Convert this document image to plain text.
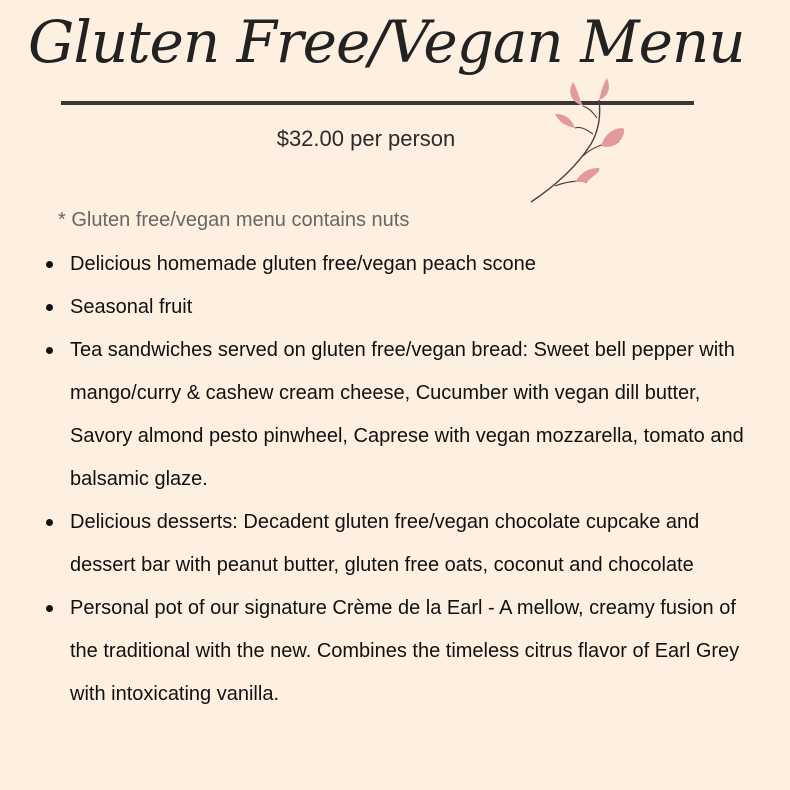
Gluten Free/Vegan Menu
$32.00 per person
* Gluten free/vegan menu contains nuts
Delicious homemade gluten free/vegan peach scone
Seasonal fruit
Tea sandwiches served on gluten free/vegan bread: Sweet bell pepper with mango/curry & cashew cream cheese, Cucumber with vegan dill butter, Savory almond pesto pinwheel, Caprese with vegan mozzarella, tomato and balsamic glaze.
Delicious desserts: Decadent gluten free/vegan chocolate cupcake and dessert bar with peanut butter, gluten free oats, coconut and chocolate
Personal pot of our signature Crème de la Earl - A mellow, creamy fusion of the traditional with the new. Combines the timeless citrus flavor of Earl Grey with intoxicating vanilla.
